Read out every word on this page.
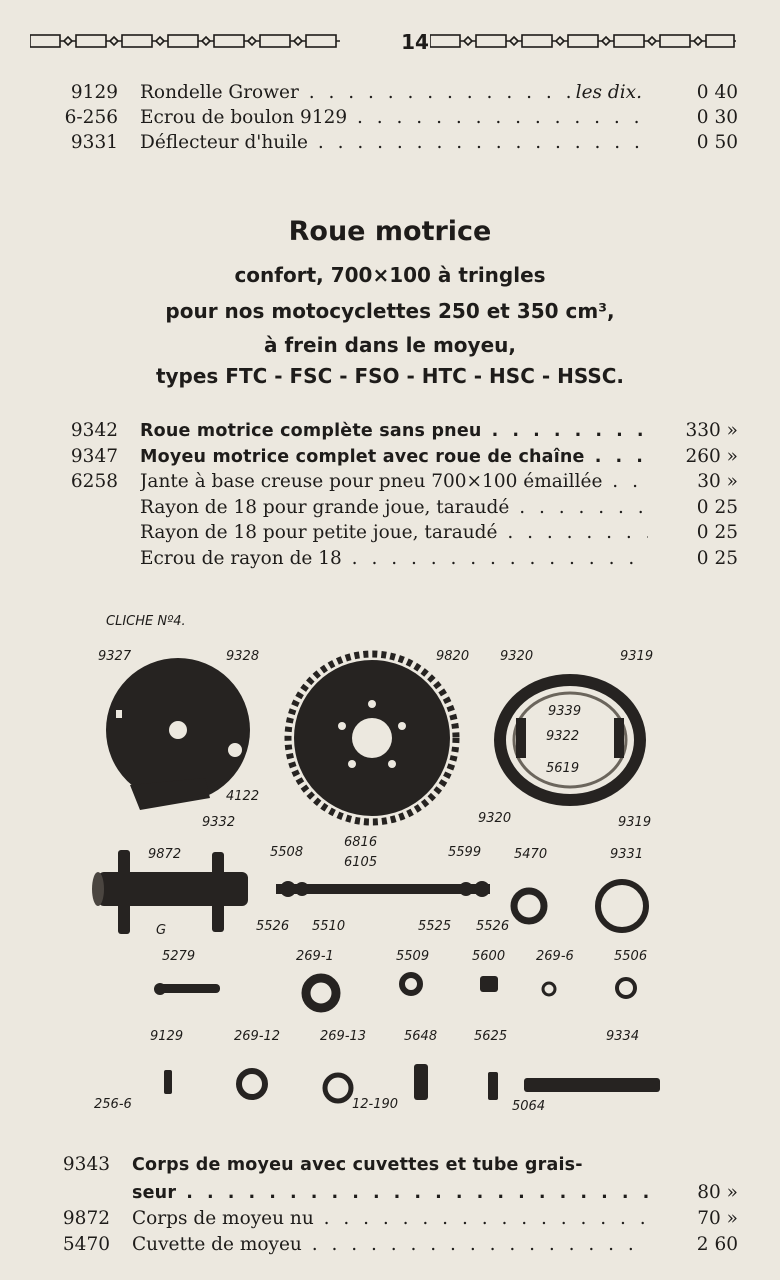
14
9129 Rondelle Grower . . .	les dix.	0 40
6-256 Ecrou de boulon 9129 . . .	0 30
9331 Déflecteur d'huile . . .	0 50
Roue motrice
confort, 700×100 à tringles
pour nos motocyclettes 250 et 350 cm³,
à frein dans le moyeu,
types FTC - FSC - FSO - HTC - HSC - HSSC.
9342 Roue motrice complète sans pneu . . .	330 »
9347 Moyeu motrice complet avec roue de chaîne . . .	260 »
6258 Jante à base creuse pour pneu 700×100 émaillée . . .	30 »
Rayon de 18 pour grande joue, taraudé . . .	0 25
Rayon de 18 pour petite joue, taraudé . . .	0 25
Ecrou de rayon de 18 . . .	0 25
CLICHE Nº4.
9327	9328
4122
9332
9820 9320	9319
9339
9322
5619
9320	9319
9872
G
5508
6816
6105
5599
5526 5510	5525 5526
5470	9331
5279	269-1	5509	5600 269-6	5506
9129
256-6
269-12	269-13	5648
12-190
5625
5064
9334
9343 Corps de moyeu avec cuvettes et tube grais-
seur . . .	80 »
9872 Corps de moyeu nu . . .	70 »
5470 Cuvette de moyeu . . .	2 60
